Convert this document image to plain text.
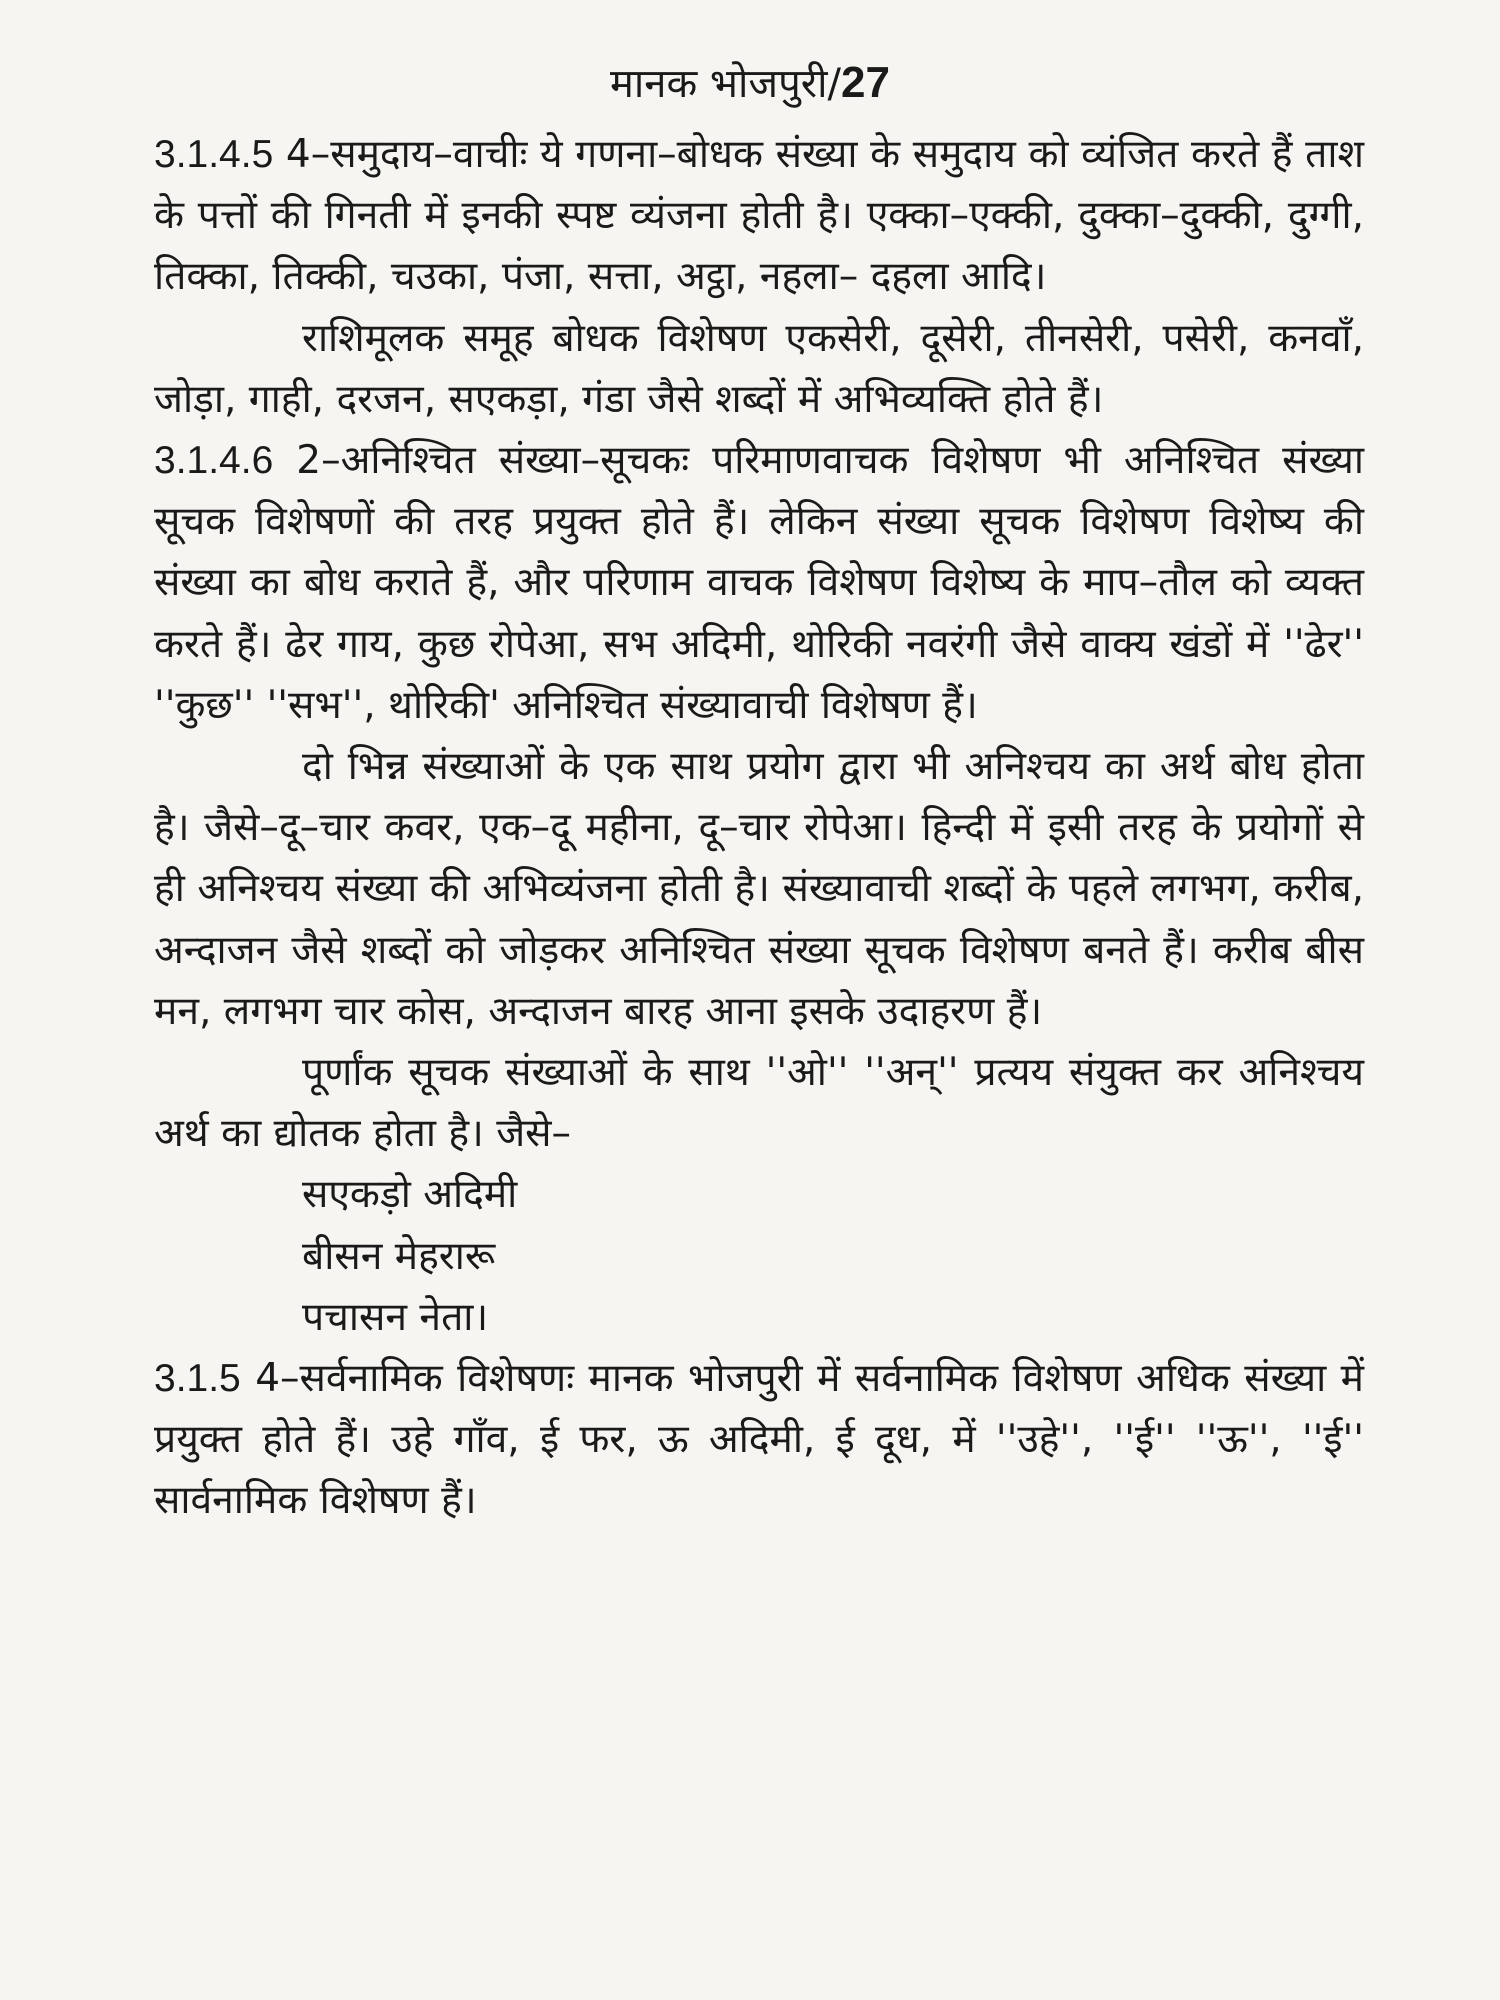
मानक भोजपुरी/27

3.1.4.5 4–समुदाय–वाचीः ये गणना–बोधक संख्या के समुदाय को व्यंजित करते हैं ताश के पत्तों की गिनती में इनकी स्पष्ट व्यंजना होती है। एक्का–एक्की, दुक्का–दुक्की, दुग्गी, तिक्का, तिक्की, चउका, पंजा, सत्ता, अट्ठा, नहला– दहला आदि।

राशिमूलक समूह बोधक विशेषण एकसेरी, दूसेरी, तीनसेरी, पसेरी, कनवाँ, जोड़ा, गाही, दरजन, सएकड़ा, गंडा जैसे शब्दों में अभिव्यक्ति होते हैं।

3.1.4.6 2–अनिश्चित संख्या–सूचकः परिमाणवाचक विशेषण भी अनिश्चित संख्या सूचक विशेषणों की तरह प्रयुक्त होते हैं। लेकिन संख्या सूचक विशेषण विशेष्य की संख्या का बोध कराते हैं, और परिणाम वाचक विशेषण विशेष्य के माप–तौल को व्यक्त करते हैं। ढेर गाय, कुछ रोपेआ, सभ अदिमी, थोरिकी नवरंगी जैसे वाक्य खंडों में ''ढेर'' ''कुछ'' ''सभ'', थोरिकी' अनिश्चित संख्यावाची विशेषण हैं।

दो भिन्न संख्याओं के एक साथ प्रयोग द्वारा भी अनिश्चय का अर्थ बोध होता है। जैसे–दू–चार कवर, एक–दू महीना, दू–चार रोपेआ। हिन्दी में इसी तरह के प्रयोगों से ही अनिश्चय संख्या की अभिव्यंजना होती है। संख्यावाची शब्दों के पहले लगभग, करीब, अन्दाजन जैसे शब्दों को जोड़कर अनिश्चित संख्या सूचक विशेषण बनते हैं। करीब बीस मन, लगभग चार कोस, अन्दाजन बारह आना इसके उदाहरण हैं।

पूर्णांक सूचक संख्याओं के साथ ''ओ'' ''अन्'' प्रत्यय संयुक्त कर अनिश्चय अर्थ का द्योतक होता है। जैसे–

सएकड़ो अदिमी
बीसन मेहरारू
पचासन नेता।

3.1.5 4–सर्वनामिक विशेषणः मानक भोजपुरी में सर्वनामिक विशेषण अधिक संख्या में प्रयुक्त होते हैं। उहे गाँव, ई फर, ऊ अदिमी, ई दूध, में ''उहे'', ''ई'' ''ऊ'', ''ई'' सार्वनामिक विशेषण हैं।
